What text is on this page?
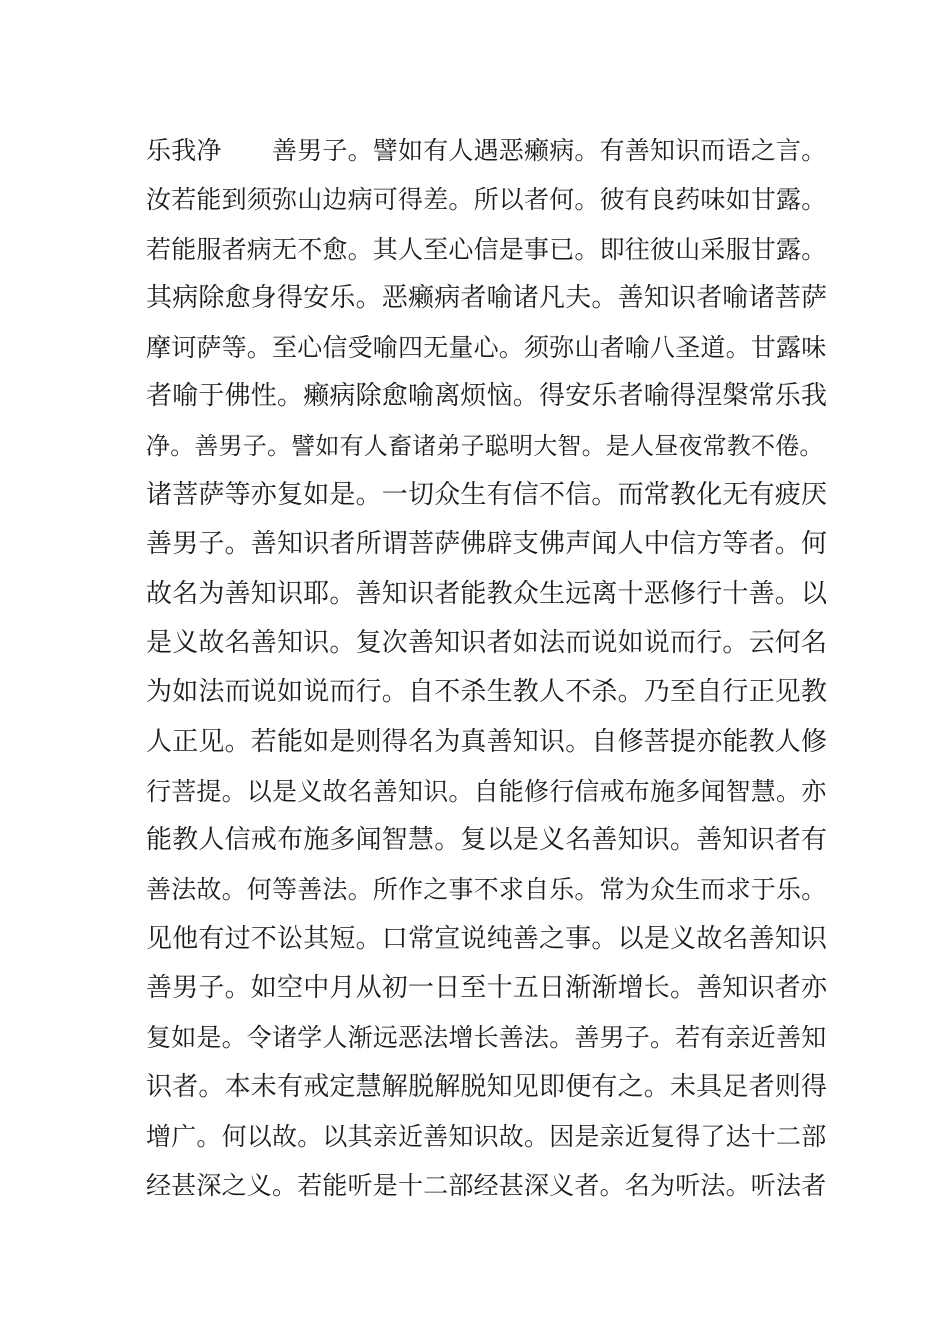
乐我净　　善男子。譬如有人遇恶癞病。有善知识而语之言。
汝若能到须弥山边病可得差。所以者何。彼有良药味如甘露。
若能服者病无不愈。其人至心信是事已。即往彼山采服甘露。
其病除愈身得安乐。恶癞病者喻诸凡夫。善知识者喻诸菩萨
摩诃萨等。至心信受喻四无量心。须弥山者喻八圣道。甘露味
者喻于佛性。癞病除愈喻离烦恼。得安乐者喻得涅槃常乐我
净。善男子。譬如有人畜诸弟子聪明大智。是人昼夜常教不倦。
诸菩萨等亦复如是。一切众生有信不信。而常教化无有疲厌
善男子。善知识者所谓菩萨佛辟支佛声闻人中信方等者。何
故名为善知识耶。善知识者能教众生远离十恶修行十善。以
是义故名善知识。复次善知识者如法而说如说而行。云何名
为如法而说如说而行。自不杀生教人不杀。乃至自行正见教
人正见。若能如是则得名为真善知识。自修菩提亦能教人修
行菩提。以是义故名善知识。自能修行信戒布施多闻智慧。亦
能教人信戒布施多闻智慧。复以是义名善知识。善知识者有
善法故。何等善法。所作之事不求自乐。常为众生而求于乐。
见他有过不讼其短。口常宣说纯善之事。以是义故名善知识
善男子。如空中月从初一日至十五日渐渐增长。善知识者亦
复如是。令诸学人渐远恶法增长善法。善男子。若有亲近善知
识者。本未有戒定慧解脱解脱知见即便有之。未具足者则得
增广。何以故。以其亲近善知识故。因是亲近复得了达十二部
经甚深之义。若能听是十二部经甚深义者。名为听法。听法者
